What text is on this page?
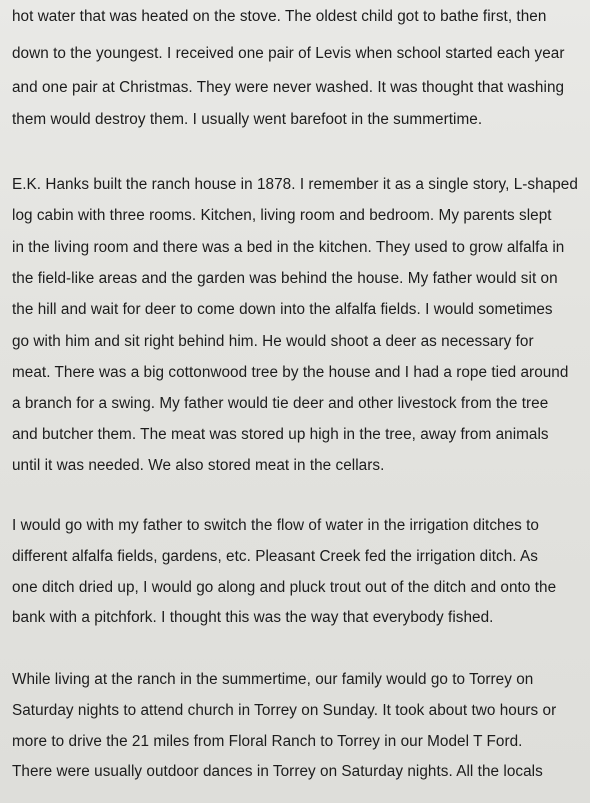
hot water that was heated on the stove. The oldest child got to bathe first, then
down to the youngest. I received one pair of Levis when school started each year
and one pair at Christmas. They were never washed. It was thought that washing
them would destroy them. I usually went barefoot in the summertime.
E.K. Hanks built the ranch house in 1878. I remember it as a single story, L-shaped
log cabin with three rooms. Kitchen, living room and bedroom. My parents slept
in the living room and there was a bed in the kitchen. They used to grow alfalfa in
the field-like areas and the garden was behind the house. My father would sit on
the hill and wait for deer to come down into the alfalfa fields. I would sometimes
go with him and sit right behind him. He would shoot a deer as necessary for
meat. There was a big cottonwood tree by the house and I had a rope tied around
a branch for a swing. My father would tie deer and other livestock from the tree
and butcher them. The meat was stored up high in the tree, away from animals
until it was needed. We also stored meat in the cellars.
I would go with my father to switch the flow of water in the irrigation ditches to
different alfalfa fields, gardens, etc. Pleasant Creek fed the irrigation ditch. As
one ditch dried up, I would go along and pluck trout out of the ditch and onto the
bank with a pitchfork. I thought this was the way that everybody fished.
While living at the ranch in the summertime, our family would go to Torrey on
Saturday nights to attend church in Torrey on Sunday. It took about two hours or
more to drive the 21 miles from Floral Ranch to Torrey in our Model T Ford.
There were usually outdoor dances in Torrey on Saturday nights. All the locals
